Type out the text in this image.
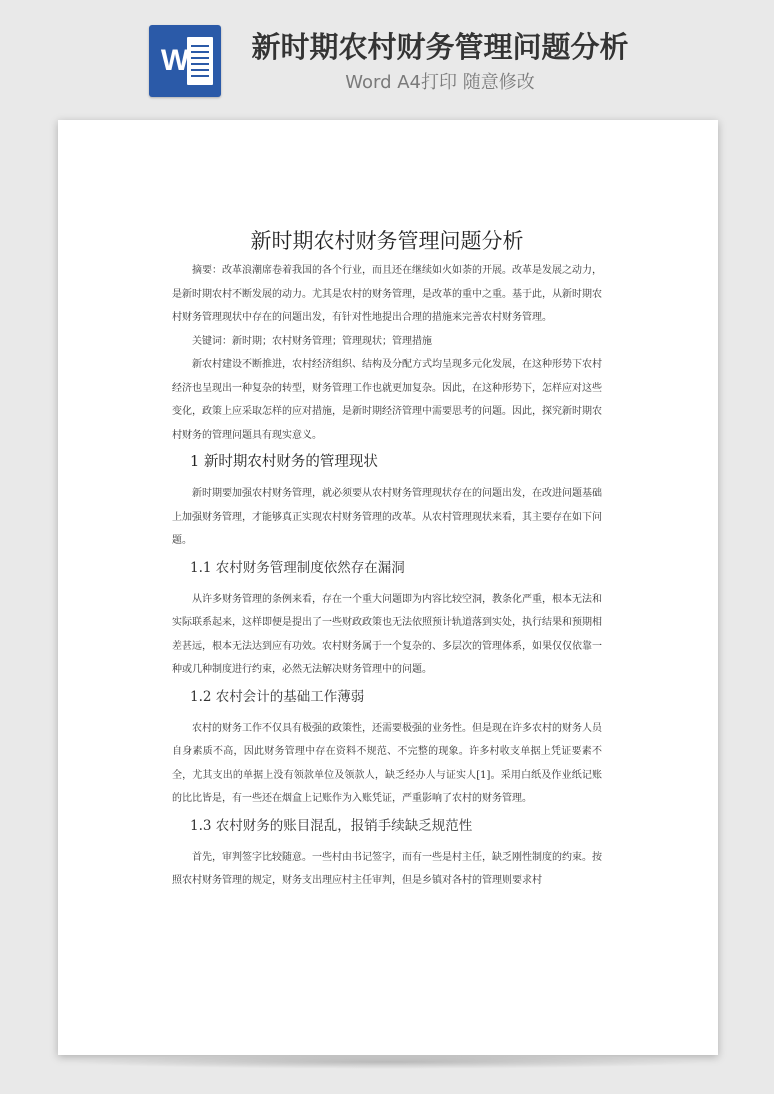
W	新时期农村财务管理问题分析
Word A4打印 随意修改
新时期农村财务管理问题分析

摘要：改革浪潮席卷着我国的各个行业，而且还在继续如火如荼的开展。改革是发展之动力，是新时期农村不断发展的动力。尤其是农村的财务管理，是改革的重中之重。基于此，从新时期农村财务管理现状中存在的问题出发，有针对性地提出合理的措施来完善农村财务管理。

关键词：新时期；农村财务管理；管理现状；管理措施

新农村建设不断推进，农村经济组织、结构及分配方式均呈现多元化发展，在这种形势下农村经济也呈现出一种复杂的转型，财务管理工作也就更加复杂。因此，在这种形势下，怎样应对这些变化，政策上应采取怎样的应对措施，是新时期经济管理中需要思考的问题。因此，探究新时期农村财务的管理问题具有现实意义。

1 新时期农村财务的管理现状

新时期要加强农村财务管理，就必须要从农村财务管理现状存在的问题出发，在改进问题基础上加强财务管理，才能够真正实现农村财务管理的改革。从农村管理现状来看，其主要存在如下问题。

1.1 农村财务管理制度依然存在漏洞

从许多财务管理的条例来看，存在一个重大问题即为内容比较空洞，教条化严重，根本无法和实际联系起来，这样即便是提出了一些财政政策也无法依照预计轨道落到实处，执行结果和预期相差甚远，根本无法达到应有功效。农村财务属于一个复杂的、多层次的管理体系，如果仅仅依靠一种或几种制度进行约束，必然无法解决财务管理中的问题。

1.2 农村会计的基础工作薄弱

农村的财务工作不仅具有极强的政策性，还需要极强的业务性。但是现在许多农村的财务人员自身素质不高，因此财务管理中存在资料不规范、不完整的现象。许多村收支单据上凭证要素不全，尤其支出的单据上没有领款单位及领款人，缺乏经办人与证实人[1]。采用白纸及作业纸记账的比比皆是，有一些还在烟盒上记账作为入账凭证，严重影响了农村的财务管理。

1.3 农村财务的账目混乱，报销手续缺乏规范性

首先，审判签字比较随意。一些村由书记签字，而有一些是村主任，缺乏刚性制度的约束。按照农村财务管理的规定，财务支出理应村主任审判，但是乡镇对各村的管理则要求村
